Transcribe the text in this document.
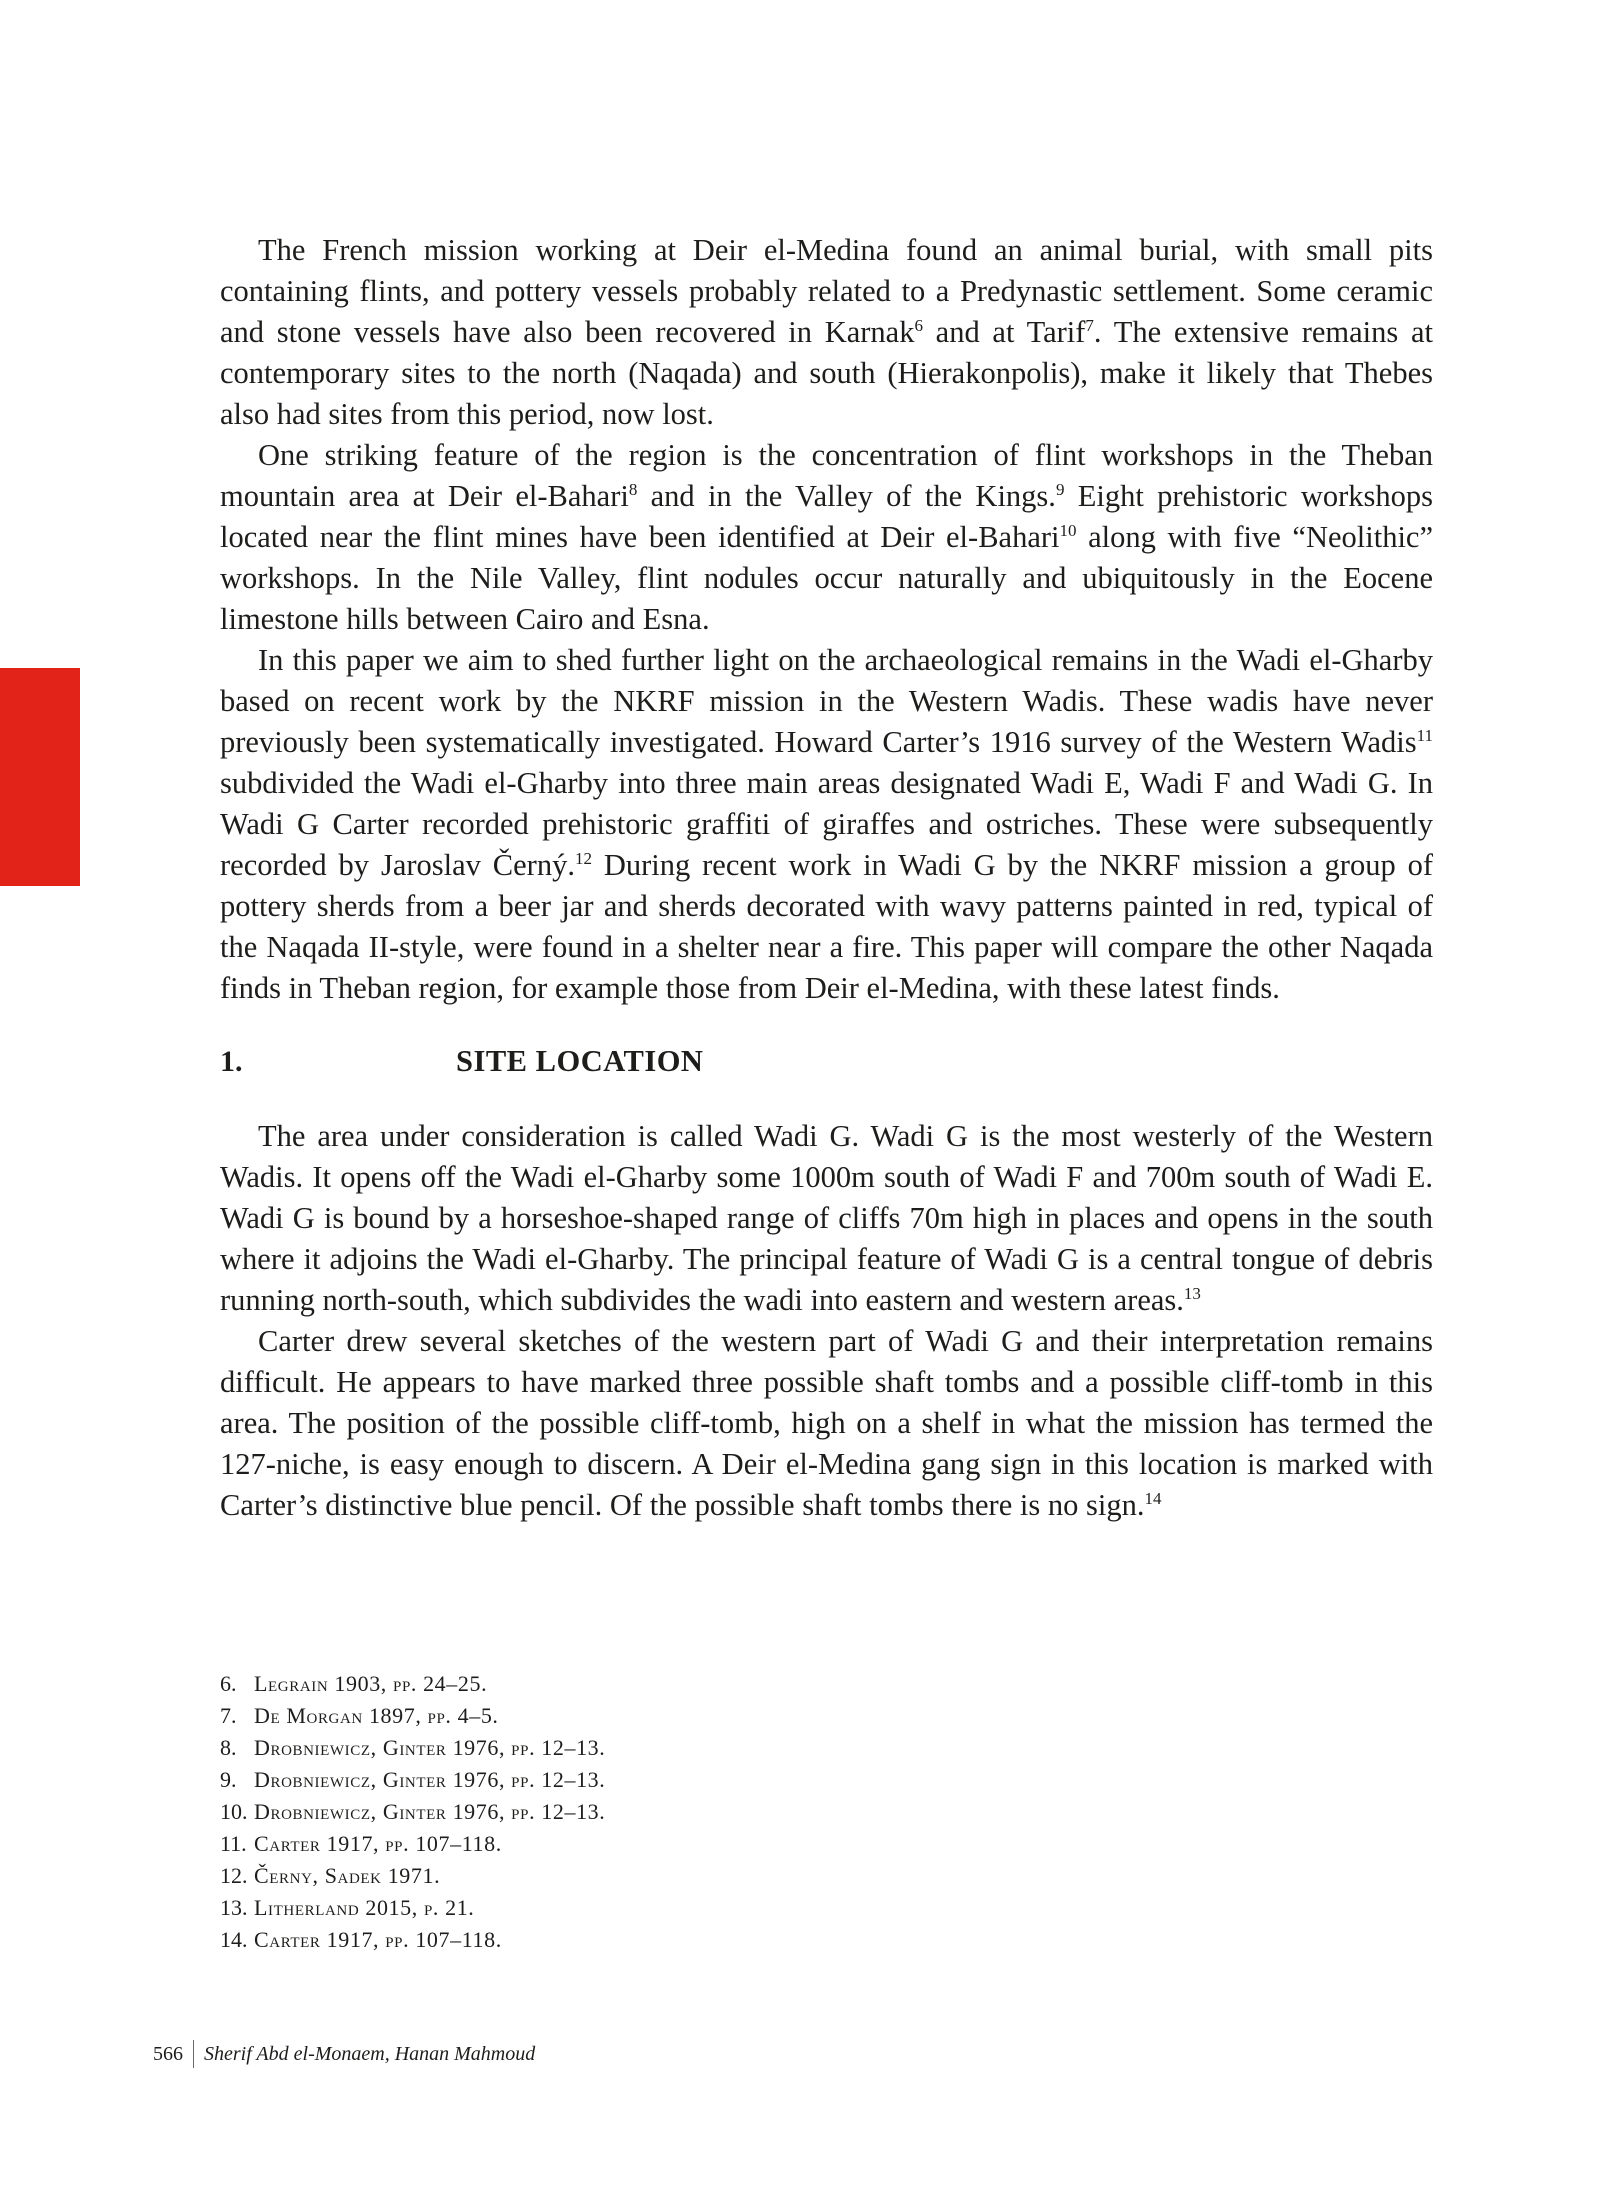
The French mission working at Deir el-Medina found an animal burial, with small pits containing flints, and pottery vessels probably related to a Predynastic settlement. Some ceramic and stone vessels have also been recovered in Karnak$^6$ and at Tarif$^7$. The extensive remains at contemporary sites to the north (Naqada) and south (Hierakonpolis), make it likely that Thebes also had sites from this period, now lost.

One striking feature of the region is the concentration of flint workshops in the Theban mountain area at Deir el-Bahari$^8$ and in the Valley of the Kings.$^9$ Eight prehistoric workshops located near the flint mines have been identified at Deir el-Bahari$^{10}$ along with five “Neolithic” workshops. In the Nile Valley, flint nodules occur naturally and ubiquitously in the Eocene limestone hills between Cairo and Esna.

In this paper we aim to shed further light on the archaeological remains in the Wadi el-Gharby based on recent work by the NKRF mission in the Western Wadis. These wadis have never previously been systematically investigated. Howard Carter’s 1916 survey of the Western Wadis$^{11}$ subdivided the Wadi el-Gharby into three main areas designated Wadi E, Wadi F and Wadi G. In Wadi G Carter recorded prehistoric graffiti of giraffes and ostriches. These were subsequently recorded by Jaroslav Černý.$^{12}$ During recent work in Wadi G by the NKRF mission a group of pottery sherds from a beer jar and sherds decorated with wavy patterns painted in red, typical of the Naqada II-style, were found in a shelter near a fire. This paper will compare the other Naqada finds in Theban region, for example those from Deir el-Medina, with these latest finds.

1.	SITE LOCATION

The area under consideration is called Wadi G. Wadi G is the most westerly of the Western Wadis. It opens off the Wadi el-Gharby some 1000m south of Wadi F and 700m south of Wadi E. Wadi G is bound by a horseshoe-shaped range of cliffs 70m high in places and opens in the south where it adjoins the Wadi el-Gharby. The principal feature of Wadi G is a central tongue of debris running north-south, which subdivides the wadi into eastern and western areas.$^{13}$

Carter drew several sketches of the western part of Wadi G and their interpretation remains difficult. He appears to have marked three possible shaft tombs and a possible cliff-tomb in this area. The position of the possible cliff-tomb, high on a shelf in what the mission has termed the 127-niche, is easy enough to discern. A Deir el-Medina gang sign in this location is marked with Carter’s distinctive blue pencil. Of the possible shaft tombs there is no sign.$^{14}$

6. Legrain 1903, pp. 24–25.
7. De Morgan 1897, pp. 4–5.
8. Drobniewicz, Ginter 1976, pp. 12–13.
9. Drobniewicz, Ginter 1976, pp. 12–13.
10. Drobniewicz, Ginter 1976, pp. 12–13.
11. Carter 1917, pp. 107–118.
12. Černy, Sadek 1971.
13. Litherland 2015, p. 21.
14. Carter 1917, pp. 107–118.
566	Sherif Abd el-Monaem, Hanan Mahmoud
